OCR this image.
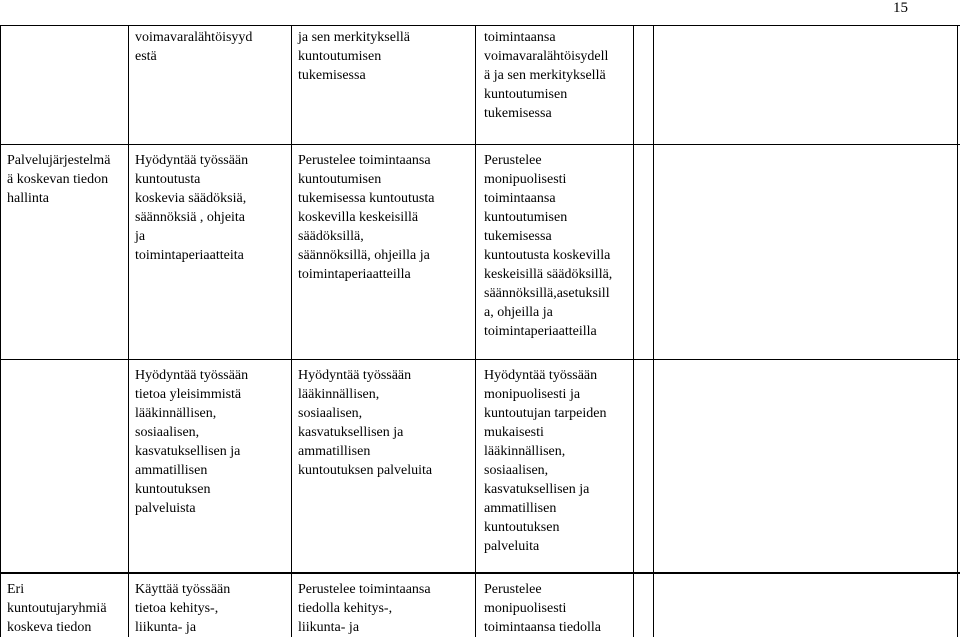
15
voimavaralähtöisyyd
estä
ja sen merkityksellä
kuntoutumisen
tukemisessa
toimintaansa
voimavaralähtöisydell
ä ja sen merkityksellä
kuntoutumisen
tukemisessa
Palvelujärjestelmä
ä koskevan tiedon
hallinta
Hyödyntää työssään
kuntoutusta
koskevia säädöksiä,
säännöksiä , ohjeita
ja
toimintaperiaatteita
Perustelee toimintaansa
kuntoutumisen
tukemisessa kuntoutusta
koskevilla keskeisillä
säädöksillä,
säännöksillä, ohjeilla ja
toimintaperiaatteilla
Perustelee
monipuolisesti
toimintaansa
kuntoutumisen
tukemisessa
kuntoutusta koskevilla
keskeisillä säädöksillä,
säännöksillä,asetuksill
a, ohjeilla ja
toimintaperiaatteilla
Hyödyntää työssään
tietoa yleisimmistä
lääkinnällisen,
sosiaalisen,
kasvatuksellisen ja
ammatillisen
kuntoutuksen
palveluista
Hyödyntää työssään
lääkinnällisen,
sosiaalisen,
kasvatuksellisen ja
ammatillisen
kuntoutuksen palveluita
Hyödyntää työssään
monipuolisesti ja
kuntoutujan tarpeiden
mukaisesti
lääkinnällisen,
sosiaalisen,
kasvatuksellisen ja
ammatillisen
kuntoutuksen
palveluita
Eri
kuntoutujaryhmiä
koskeva tiedon
Käyttää työssään
tietoa kehitys-,
liikunta- ja
Perustelee toimintaansa
tiedolla kehitys-,
liikunta- ja
Perustelee
monipuolisesti
toimintaansa tiedolla
